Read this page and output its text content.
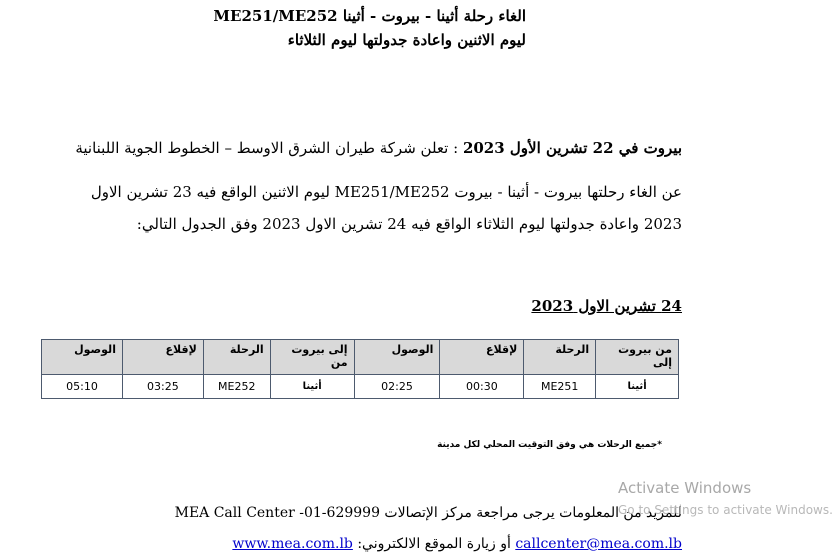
الغاء رحلة أثينا - بيروت - أثينا ME251/ME252
ليوم الاثنين واعادة جدولتها ليوم الثلاثاء
بيروت في 22 تشرين الأول 2023 : تعلن شركة طيران الشرق الاوسط – الخطوط الجوية اللبنانية
عن الغاء رحلتها بيروت - أثينا - بيروت ME251/ME252 ليوم الاثنين الواقع فيه 23 تشرين الاول
2023 واعادة جدولتها ليوم الثلاثاء الواقع فيه 24 تشرين الاول 2023 وفق الجدول التالي:
24 تشرين الاول 2023
من بيروت إلى	الرحلة	لإقلاع	الوصول	إلى بيروت من	الرحلة	لإقلاع	الوصول
أثينا	ME251	00:30	02:25	أثينا	ME252	03:25	05:10
*جميع الرحلات هي وفق التوقيت المحلي لكل مدينة
للمزيد من المعلومات يرجى مراجعة مركز الإتصالات MEA Call Center -01-629999
callcenter@mea.com.lb أو زيارة الموقع الالكتروني: www.mea.com.lb
Activate Windows
Go to Settings to activate Windows.
